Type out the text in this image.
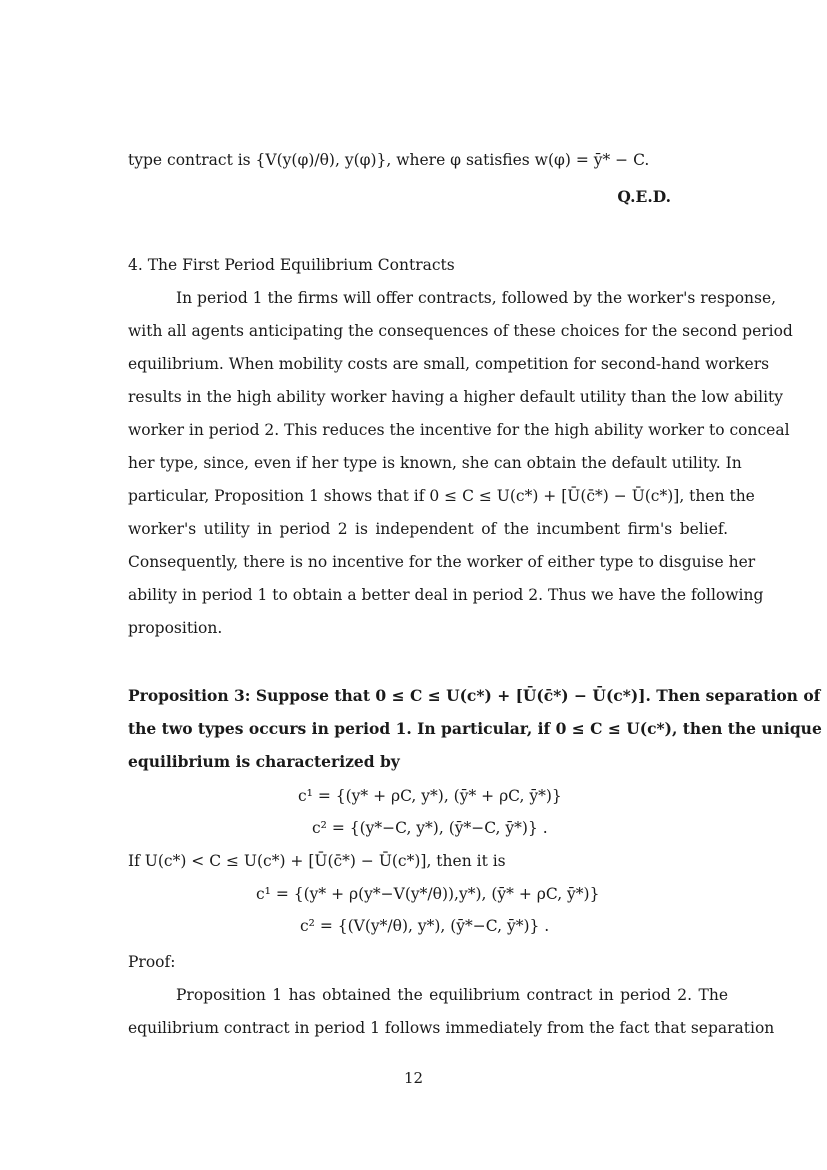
type contract is {V(y(φ)/θ), y(φ)}, where φ satisfies w(φ) = ȳ* − C.
Q.E.D.
4. The First Period Equilibrium Contracts
In period 1 the firms will offer contracts, followed by the worker's response,
with all agents anticipating the consequences of these choices for the second period
equilibrium. When mobility costs are small, competition for second-hand workers
results in the high ability worker having a higher default utility than the low ability
worker in period 2. This reduces the incentive for the high ability worker to conceal
her type, since, even if her type is known, she can obtain the default utility. In
particular, Proposition 1 shows that if 0 ≤ C ≤ U(c*) + [Ū(c̄*) − Ū(c*)], then the
worker's utility in period 2 is independent of the incumbent firm's belief.
Consequently, there is no incentive for the worker of either type to disguise her
ability in period 1 to obtain a better deal in period 2. Thus we have the following
proposition.
Proposition 3: Suppose that 0 ≤ C ≤ U(c*) + [Ū(c̄*) − Ū(c*)]. Then separation of
the two types occurs in period 1. In particular, if 0 ≤ C ≤ U(c*), then the unique
equilibrium is characterized by
c¹ = {(y* + ρC, y*), (ȳ* + ρC, ȳ*)}
c² = {(y*−C, y*), (ȳ*−C, ȳ*)} .
If U(c*) < C ≤ U(c*) + [Ū(c̄*) − Ū(c*)], then it is
c¹ = {(y* + ρ(y*−V(y*/θ)),y*), (ȳ* + ρC, ȳ*)}
c² = {(V(y*/θ), y*), (ȳ*−C, ȳ*)} .
Proof:
Proposition 1 has obtained the equilibrium contract in period 2. The
equilibrium contract in period 1 follows immediately from the fact that separation
12
